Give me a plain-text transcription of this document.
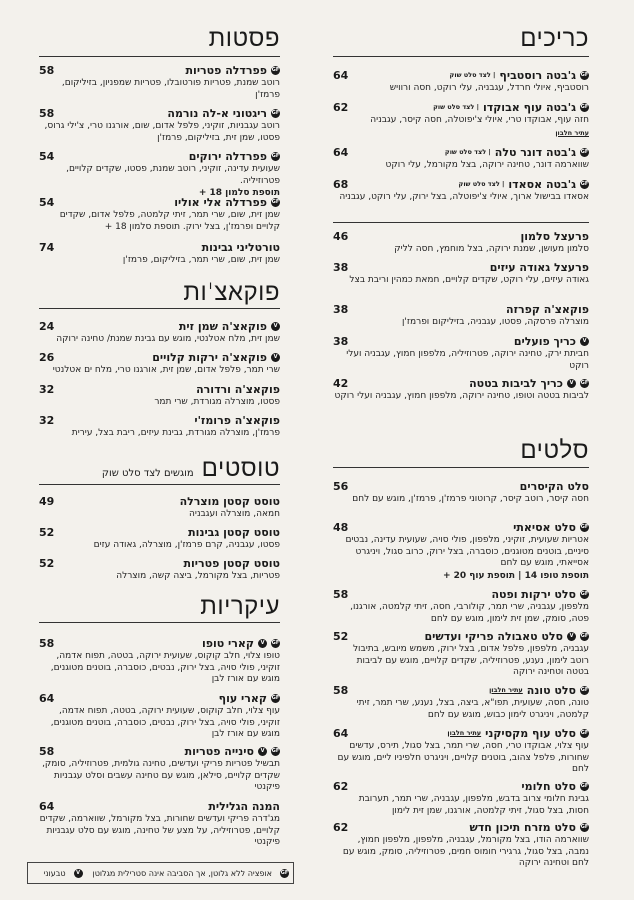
כריכים
GF
ג'בטה רוסטביף
| לצד סלט שוק
64
רוסטביף, איולי חרדל, עגבניה, עלי רוקט, חסה ורוויש
GF
ג'בטה עוף אבוקדו
| לצד סלט שוק
62
חזה עוף, אבוקדו טרי, איולי צ'יפוטלה, חסה קיסר, עגבניה
עתיר חלבון
GF
ג'בטה דונר טלה
| לצד סלט שוק
64
שווארמה דונר, טחינה ירוקה, בצל מקורמל, עלי רוקט
GF
ג'בטה אסאדו
| לצד סלט שוק
68
אסאדו בבישול ארוך, איולי צ'יפוטלה, בצל ירוק, עלי רוקט, עגבניה
פרעצל סלמון
46
סלמון מעושן, שמנת ירוקה, בצל מוחמץ, חסה לליק
פרעצל גאודה עיזים
38
גאודה עיזים, עלי רוקט, שקדים קלויים, חמאת כמהין וריבת בצל
פוקאצ'ה קפרזה
38
מוצרלה פרסקה, פסטו, עגבניה, בזיליקום ופרמז'ן
V
כריך פועלים
38
חביתת ירק, טחינה ירוקה, פטרוזיליה, מלפפון חמוץ, עגבניה ועלי רוקט
GF
V
כריך לביבות בטטה
42
לביבות בטטה וטופו, טחינה ירוקה, מלפפון חמוץ, עגבניה ועלי רוקט
סלטים
סלט הקיסרים
56
חסה קיסר, רוטב קיסר, קרוטוני פרמז'ן, פרמז'ן, מוגש עם לחם
GF
סלט אסיאתי
48
אטריות שעועית, זוקיני, מלפפון, פולי סויה, שעועית עדינה, נבטים סיניים, בוטנים מטוגנים, כוסברה, בצל ירוק, כרוב סגול, ויניגרט אסייאתי, מוגש עם לחם
תוספת טופו 14 | תוספת עוף 20 +
GF
סלט ירקות ופטה
58
מלפפון, עגבניה, שרי תמר, קולורבי, חסה, זיתי קלמטה, אורגנו, פטה, סומק, שמן זית לימון, מוגש עם לחם
GF
V
סלט טאבולה פריקי ועדשים
52
עגבניה, מלפפון, פלפל אדום, בצל ירוק, משמש מיובש, בתיבול רוטב לימון, נענע, פטרוזיליה, שקדים קלויים, מוגש עם לביבות בטטה וטחינה ירוקה
GF
סלט טונה
עתיר חלבון
58
טונה, חסה, שעועית, תפו"א, ביצה, בצל, נענע, שרי תמר, זיתי קלמטה, ויניגרט לימון כבוש, מוגש עם לחם
GF
סלט עוף מקסיקני
עתיר חלבון
64
עוף צלוי, אבוקדו טרי, חסה, שרי תמר, בצל סגול, תירס, עדשים שחורות, פלפל צהוב, בוטנים קלויים, ויניגרט חלפיניו ליים, מוגש עם לחם
GF
סלט חלומי
62
גבינת חלומי צרוב בדבש, מלפפון, עגבניה, שרי תמר, תערובת חסות, בצל סגול, זיתי קלמטה, אורגנו, שמן זית לימון
GF
סלט מזרח תיכון חדש
62
שווארמה הודו, בצל מקורמל, עגבניה, מלפפון, מלפפון חמוץ, נמבה, בצל סגול, גרגירי חומוס חמים, פטרוזיליה, סומק, מוגש עם לחם וטחינה ירוקה
פסטות
GF
פפרדלה פטריות
58
רוטב שמנת, פטריות פורטובלו, פטריות שמפניון, בזיליקום, פרמז'ן
GF
ריגטוני א-לה נורמה
58
רוטב עגבניות, זוקיני, פלפל אדום, שום, אורגנו טרי, צ'ילי גרוס, פסטו, שמן זית, בזיליקום, פרמז'ן
GF
פפרדלה ירוקים
54
שעועית עדינה, זוקיני, רוטב שמנת, פסטו, שקדים קלויים, פטרוזיליה.
תוספת סלמון 18 +
GF
פפרדלה אלי אוליו
54
שמן זית, שום, שרי תמר, זיתי קלמטה, פלפל אדום, שקדים קלויים ופרמז'ן, בצל ירוק. תוספת סלמון 18 +
טורטליני גבינות
74
שמן זית, שום, שרי תמר, בזיליקום, פרמז'ן
פוקאצ'ות
V
פוקאצ'ה שמן זית
24
שמן זית, מלח אטלנטי, מוגש עם גבינת שמנת/ טחינה ירוקה
V
פוקאצ'ה ירקות קלויים
26
שרי תמר, פלפל אדום, שמן זית, אורגנו טרי, מלח ים אטלנטי
פוקאצ'ה ורדורה
32
פסטו, מוצרלה מגורדת, שרי תמר
פוקאצ'ה פרומז'י
32
פרמז'ן, מוצרלה מגורדת, גבינת עיזים, ריבת בצל, עירית
טוסטים
מוגשים לצד סלט שוק
טוסט קסטן מוצרלה
49
חמאה, מוצרלה ועגבניה
טוסט קסטן גבינות
52
פסטו, עגבניה, קרם פרמז'ן, מוצרלה, גאודה עזים
טוסט קסטן פטריות
52
פטריות, בצל מקורמל, ביצה קשה, מוצרלה
עיקריות
GF
V
קארי טופו
58
טופו צלוי, חלב קוקוס, שעועית ירוקה, בטטה, תפוח אדמה, זוקיני, פולי סויה, בצל ירוק, נבטים, כוסברה, בוטנים מטוגנים, מוגש עם אורז לבן
GF
קארי עוף
64
עוף צלוי, חלב קוקוס, שעועית ירוקה, בטטה, תפוח אדמה, זוקיני, פולי סויה, בצל ירוק, נבטים, כוסברה, בוטנים מטוגנים, מוגש עם אורז לבן
GF
V
סינייה פטריות
58
תבשיל פטריות פריקי ועדשים, טחינה גולמית, פטרוזיליה, סומק, שקדים קלויים, סילאן, מוגש עם טחינה עשבים וסלט עגבניות פיקנטי
המנה הגלילית
64
מג'דרה פריקי ועדשים שחורות, בצל מקורמל, שווארמה, שקדים קלויים, פטרוזיליה, על מצע של טחינה, מוגש עם סלט עגבניות פיקנטי
GF
אופציה ללא גלוטן, אך הסביבה אינה סטרילית מגלוטן
V
טבעוני
